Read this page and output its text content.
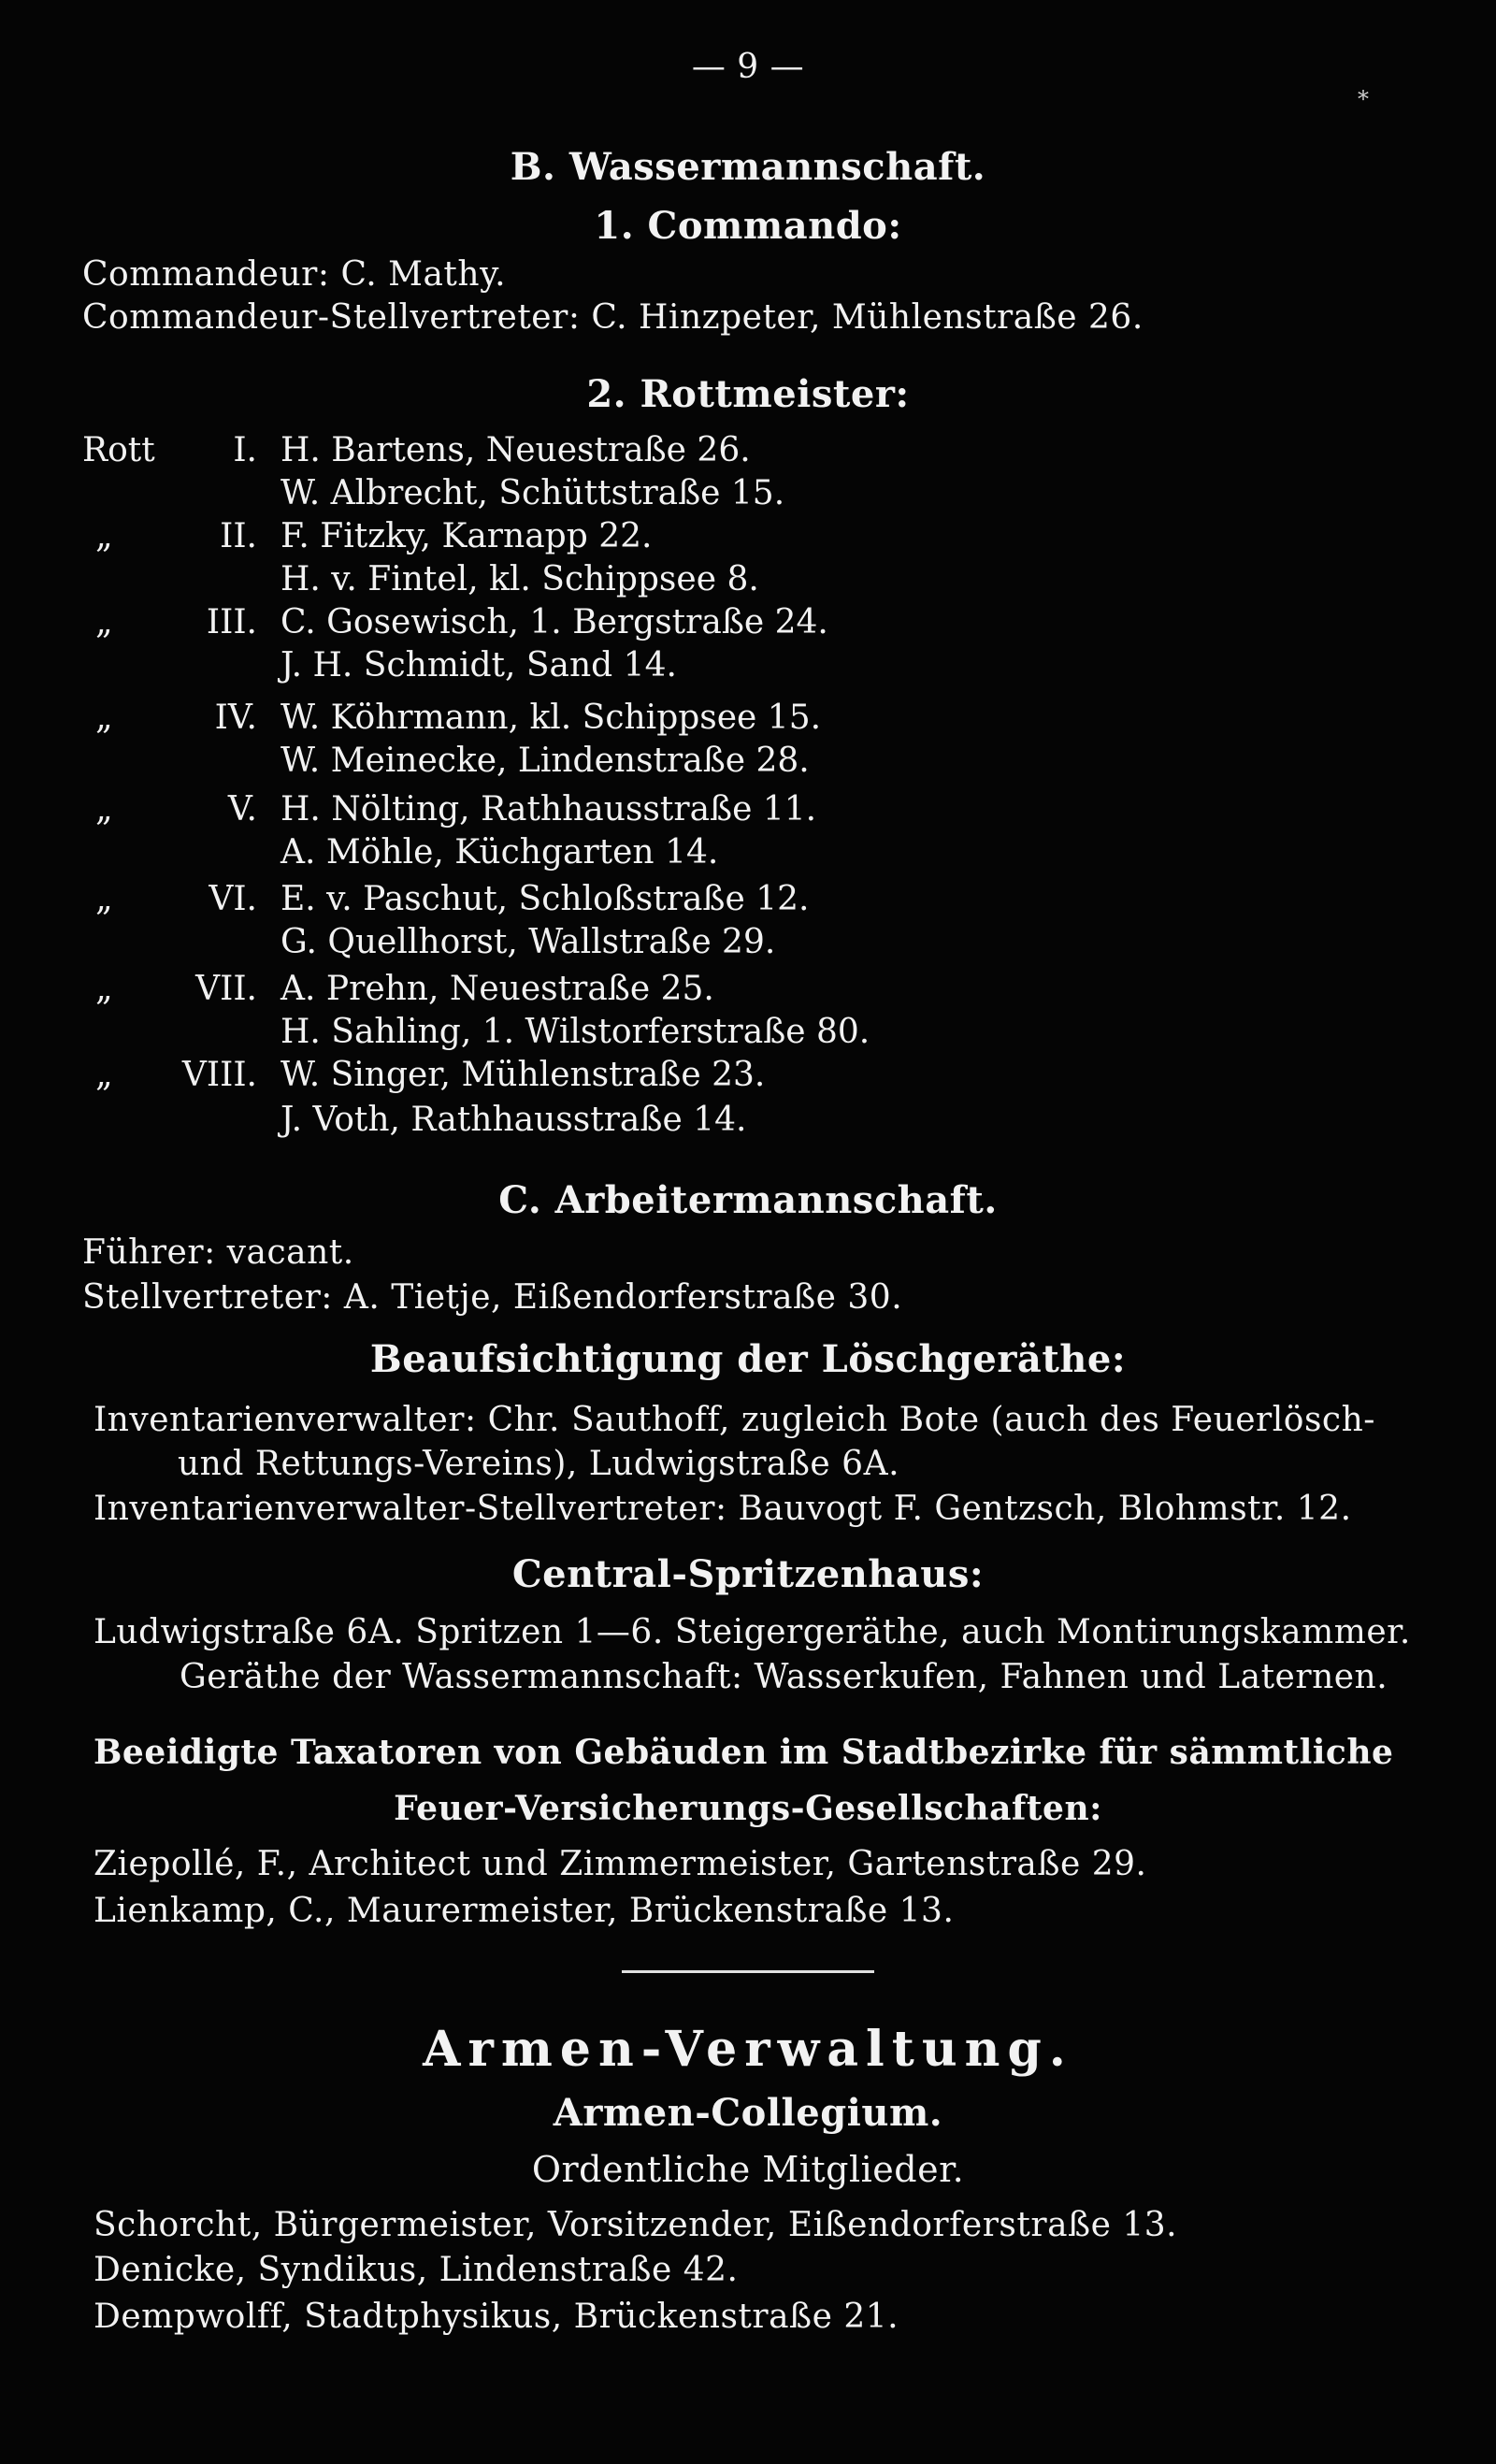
— 9 —
*
B. Wassermannschaft.
1. Commando:
Commandeur: C. Mathy.
Commandeur-Stellvertreter: C. Hinzpeter, Mühlenstraße 26.
2. Rottmeister:
Rott	I. H. Bartens, Neuestraße 26.
W. Albrecht, Schüttstraße 15.
„	II. F. Fitzky, Karnapp 22.
H. v. Fintel, kl. Schippsee 8.
„	III. C. Gosewisch, 1. Bergstraße 24.
J. H. Schmidt, Sand 14.
„	IV. W. Köhrmann, kl. Schippsee 15.
W. Meinecke, Lindenstraße 28.
„	V. H. Nölting, Rathhausstraße 11.
A. Möhle, Küchgarten 14.
„	VI. E. v. Paschut, Schloßstraße 12.
G. Quellhorst, Wallstraße 29.
„	VII. A. Prehn, Neuestraße 25.
H. Sahling, 1. Wilstorferstraße 80.
„	VIII. W. Singer, Mühlenstraße 23.
J. Voth, Rathhausstraße 14.
C. Arbeitermannschaft.
Führer: vacant.
Stellvertreter: A. Tietje, Eißendorferstraße 30.
Beaufsichtigung der Löschgeräthe:
Inventarienverwalter: Chr. Sauthoff, zugleich Bote (auch des Feuerlösch-
und Rettungs-Vereins), Ludwigstraße 6A.
Inventarienverwalter-Stellvertreter: Bauvogt F. Gentzsch, Blohmstr. 12.
Central-Spritzenhaus:
Ludwigstraße 6A. Spritzen 1—6. Steigergeräthe, auch Montirungskammer.
Geräthe der Wassermannschaft: Wasserkufen, Fahnen und Laternen.
Beeidigte Taxatoren von Gebäuden im Stadtbezirke für sämmtliche
Feuer-Versicherungs-Gesellschaften:
Ziepollé, F., Architect und Zimmermeister, Gartenstraße 29.
Lienkamp, C., Maurermeister, Brückenstraße 13.
Armen-Verwaltung.
Armen-Collegium.
Ordentliche Mitglieder.
Schorcht, Bürgermeister, Vorsitzender, Eißendorferstraße 13.
Denicke, Syndikus, Lindenstraße 42.
Dempwolff, Stadtphysikus, Brückenstraße 21.
